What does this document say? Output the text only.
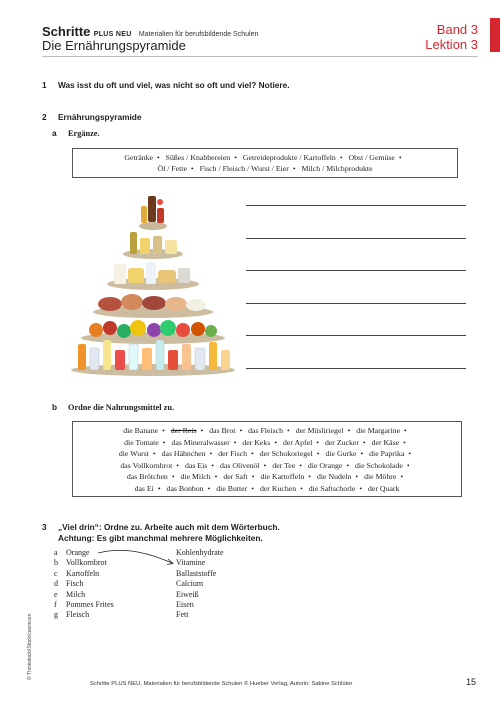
Schritte PLUS NEU Materialien für berufsbildende Schulen
Die Ernährungspyramide
Band 3
Lektion 3
1 Was isst du oft und viel, was nicht so oft und viel? Notiere.
2 Ernährungspyramide
a Ergänze.
Getränke • Süßes / Knabbereien • Getreideprodukte / Kartoffeln • Obst / Gemüse •
Öl / Fette • Fisch / Fleisch / Wurst / Eier • Milch / Milchprodukte
b Ordne die Nahrungsmittel zu.
die Banane • der Reis • das Brot • das Fleisch • der Müsliriegel • die Margarine •
die Tomate • das Mineralwasser • der Keks • der Apfel • der Zucker • der Käse •
die Wurst • das Hähnchen • der Fisch • der Schokoriegel • die Gurke • die Paprika •
das Vollkornbrot • das Eis • das Olivenöl • der Tee • die Orange • die Schokolade •
das Brötchen • die Milch • der Saft • die Kartoffeln • die Nudeln • die Möhre •
das Ei • das Bonbon • die Butter • der Kuchen • die Saftschorle • der Quark
3 „Viel drin“: Ordne zu. Arbeite auch mit dem Wörterbuch.
Achtung: Es gibt manchmal mehrere Möglichkeiten.
a Orange
b Vollkornbrot
c Kartoffeln
d Fisch
e Milch
f Pommes Frites
g Fleisch
Kohlenhydrate
Vitamine
Ballaststoffe
Calcium
Eiweiß
Eisen
Fett
© Thinkstock/iStock/cosmicen
Schritte PLUS NEU, Materialien für berufsbildende Schulen © Hueber Verlag, Autorin: Sabine Schlüter	15
